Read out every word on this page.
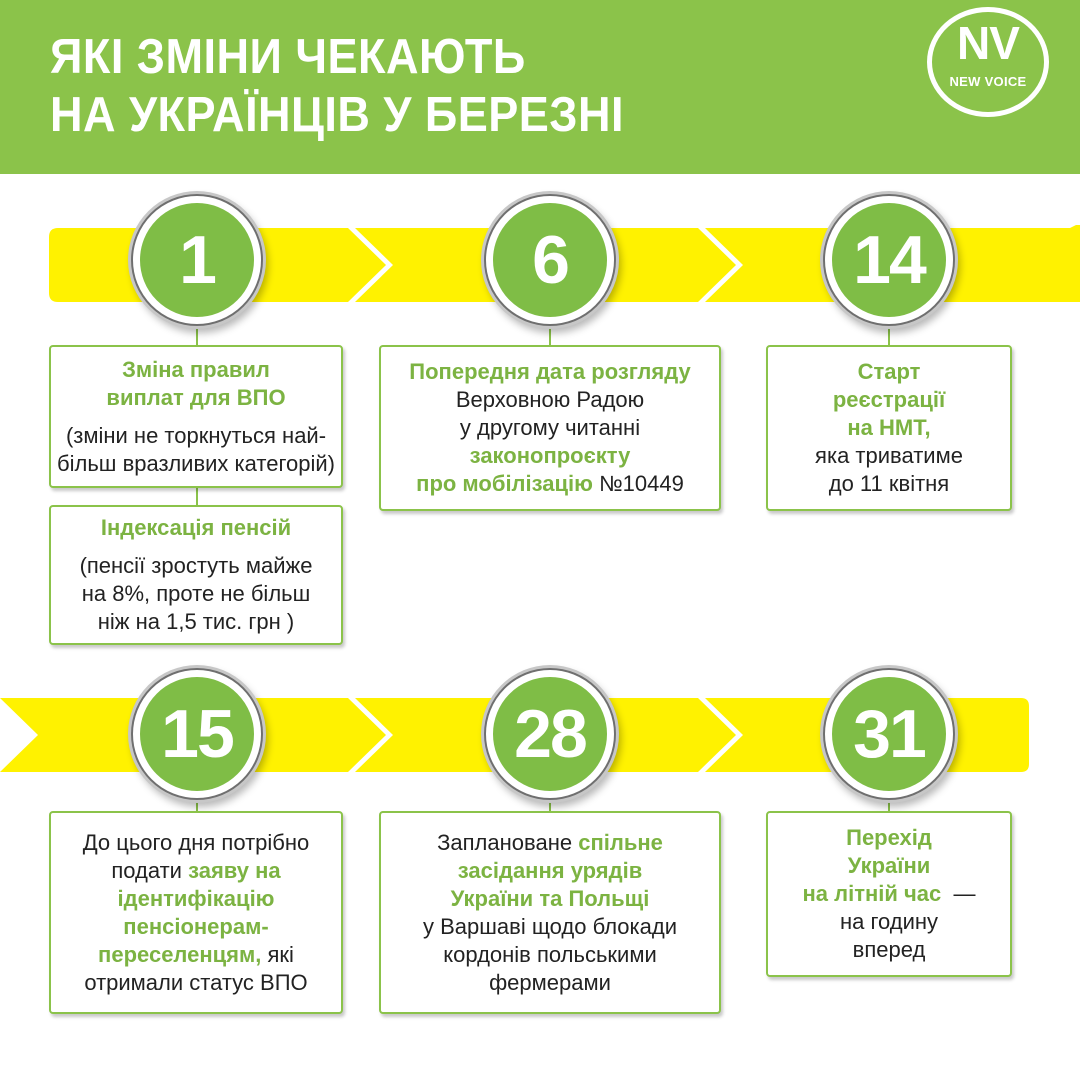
ЯКІ ЗМІНИ ЧЕКАЮТЬ
НА УКРАЇНЦІВ У БЕРЕЗНІ
NV
NEW VOICE
1	6	14
15	28	31

Зміна правил

виплат для ВПО

(зміни не торкнуться най-

більш вразливих категорій)

Індексація пенсій

(пенсії зростуть майже

на 8%, проте не більш

ніж на 1,5 тис. грн )

Попередня дата розгляду

Верховною Радою

у другому читанні

законопроєкту

про мобілізацію №10449

Старт

реєстрації

на НМТ,

яка триватиме

до 11 квітня

До цього дня потрібно

подати заяву на

ідентифікацію

пенсіонерам-

переселенцям, які

отримали статус ВПО

Заплановане спільне

засідання урядів

України та Польщі

у Варшаві щодо блокади

кордонів польськими

фермерами

Перехід

України

на літній час  —

на годину

вперед
